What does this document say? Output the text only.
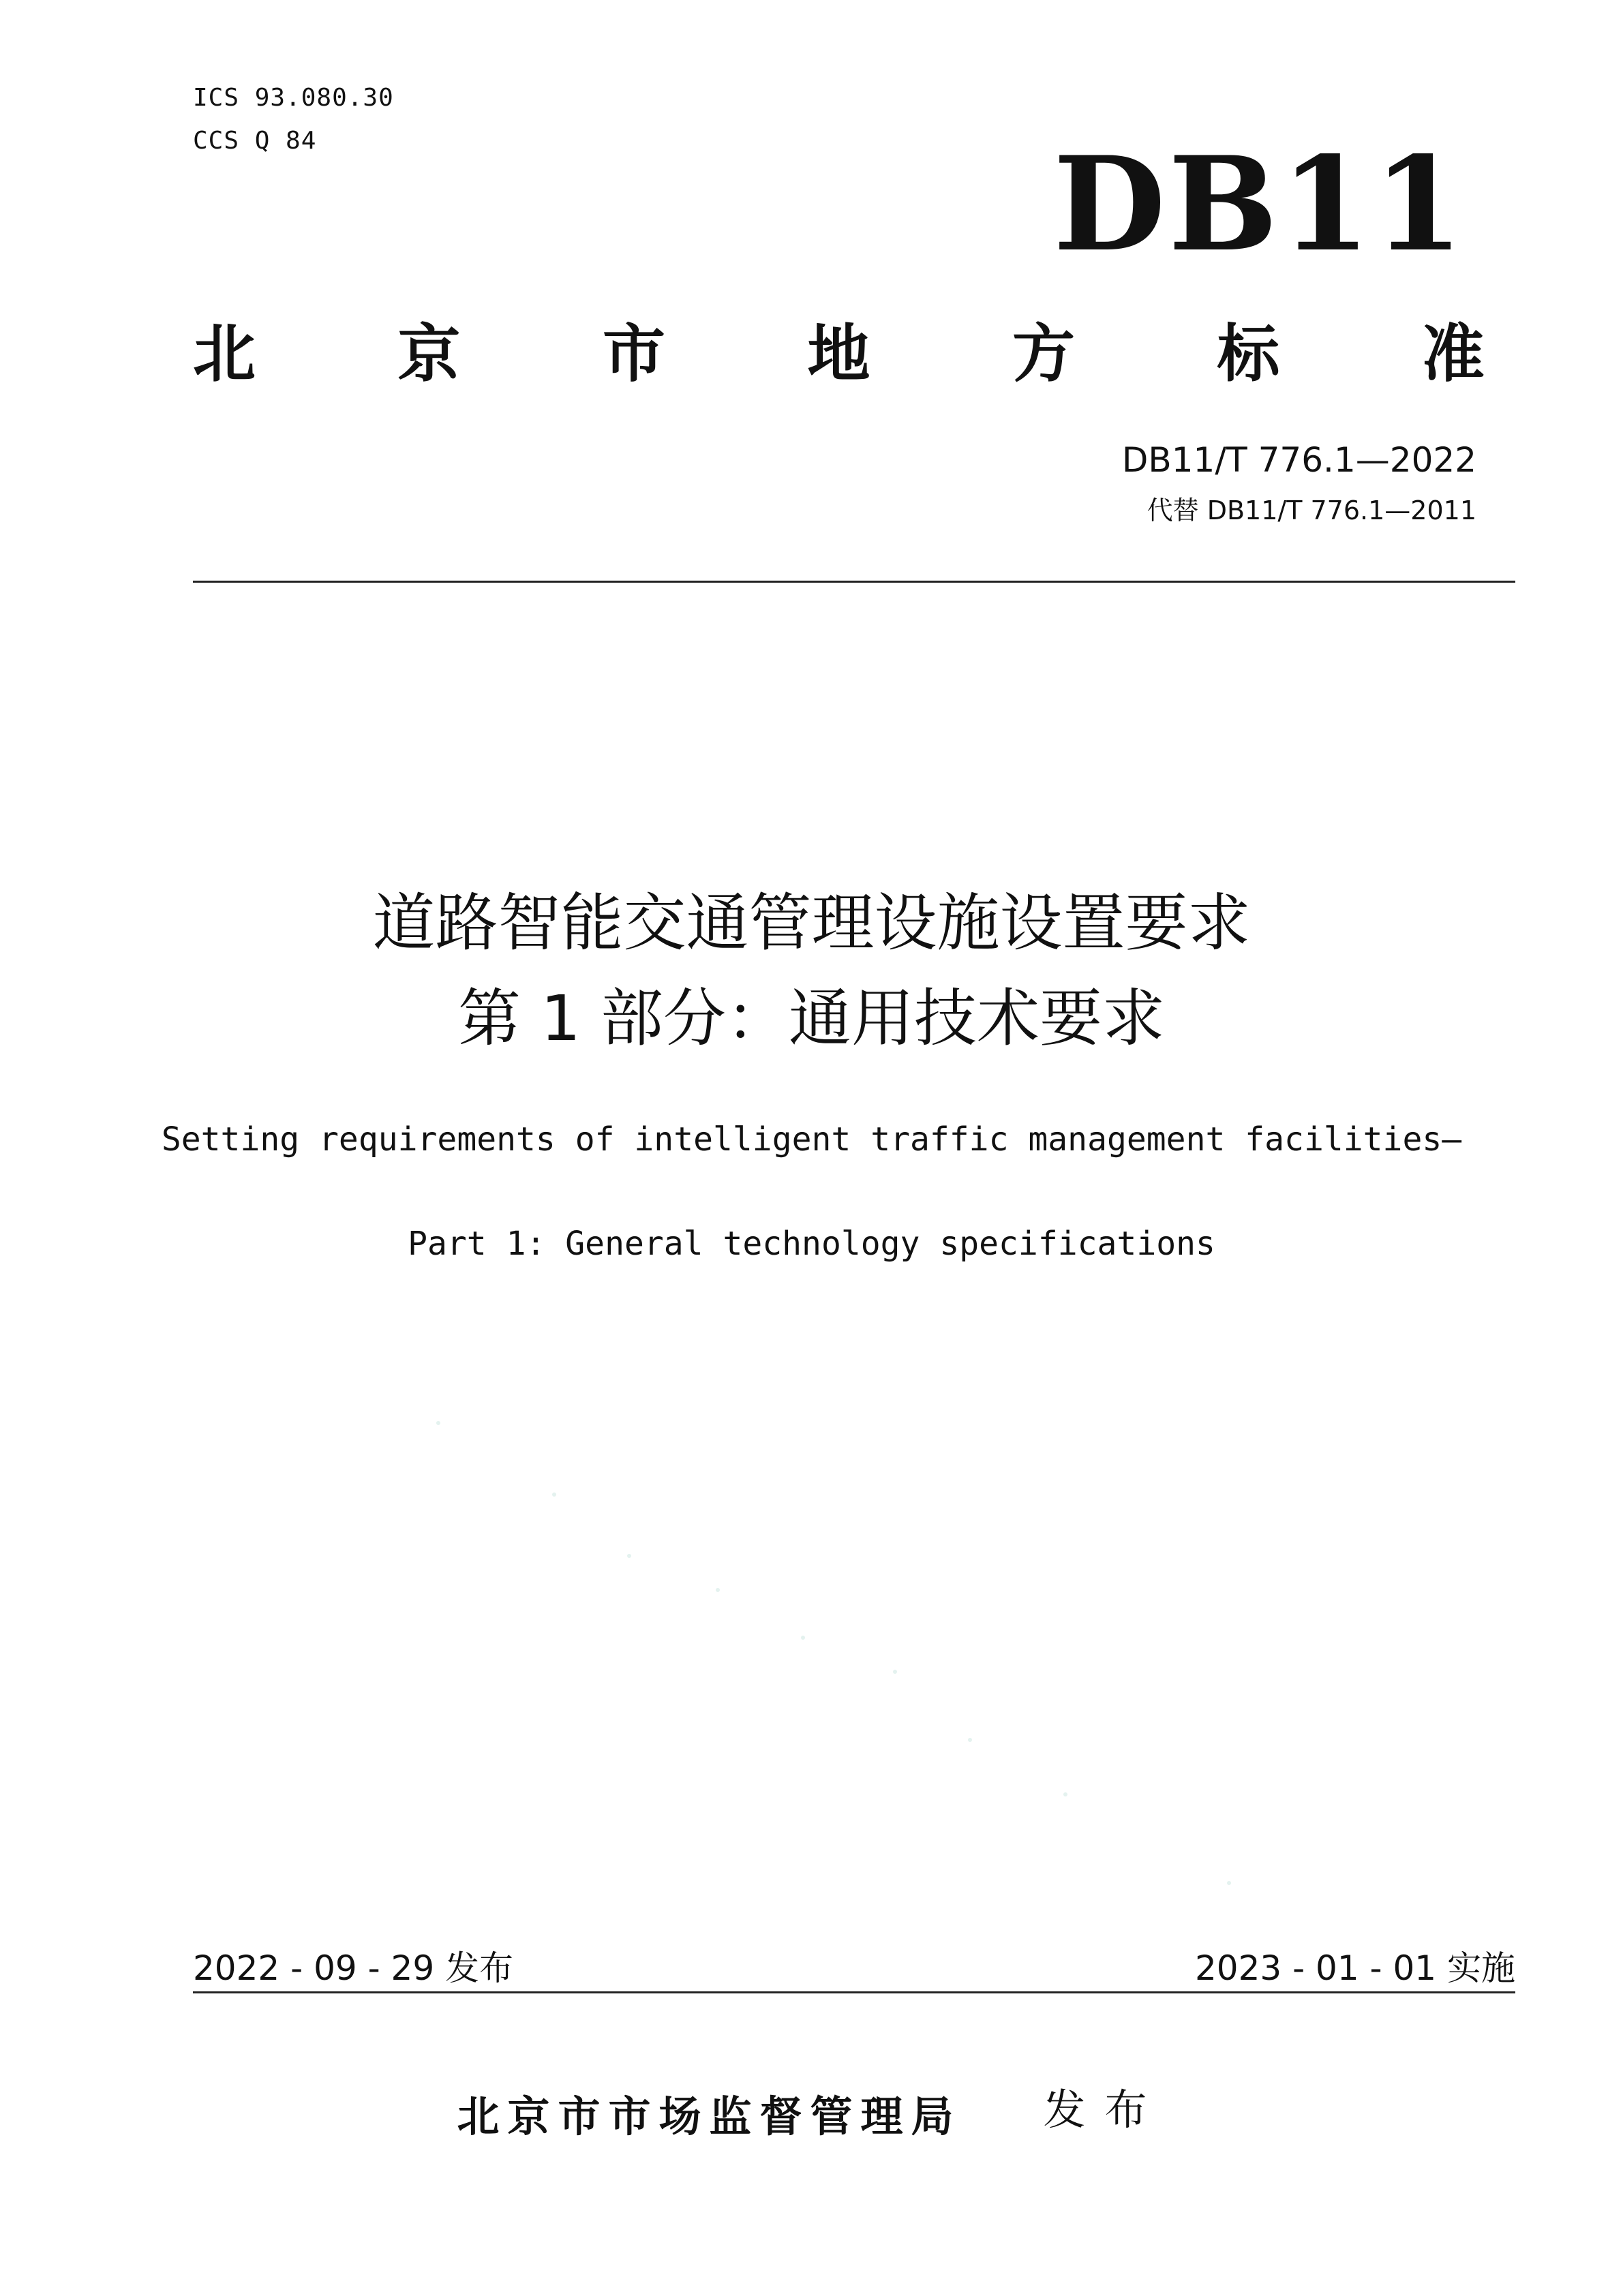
ICS 93.080.30

CCS Q 84	DB11
北 京 市 地 方 标 准
DB11/T 776.1—2022
代替 DB11/T 776.1—2011
道路智能交通管理设施设置要求
第 1 部分：通用技术要求

Setting requirements of intelligent traffic management facilities—

Part 1: General technology specifications

2022 - 09 - 29 发布	2023 - 01 - 01 实施
北京市市场监督管理局 发布
